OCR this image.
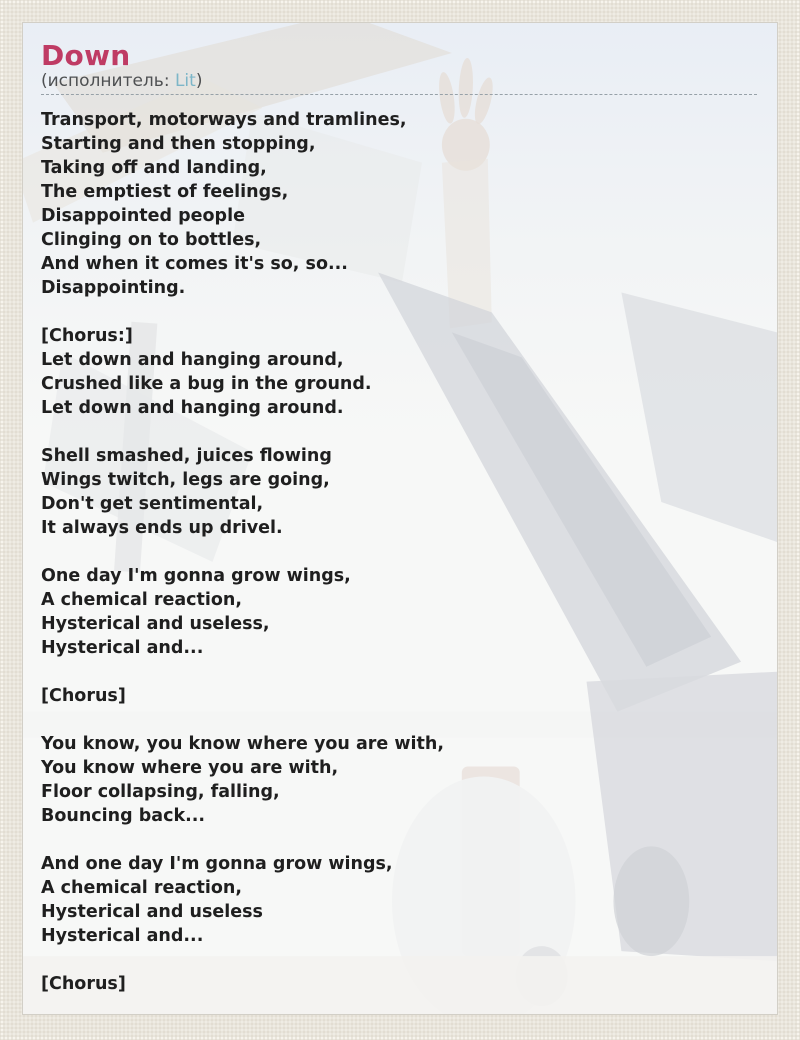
Down
(исполнитель: Lit)
Transport, motorways and tramlines,
Starting and then stopping,
Taking off and landing,
The emptiest of feelings,
Disappointed people
Clinging on to bottles,
And when it comes it's so, so...
Disappointing.

[Chorus:]
Let down and hanging around,
Crushed like a bug in the ground.
Let down and hanging around.

Shell smashed, juices flowing
Wings twitch, legs are going,
Don't get sentimental,
It always ends up drivel.

One day I'm gonna grow wings,
A chemical reaction,
Hysterical and useless,
Hysterical and...

[Chorus]

You know, you know where you are with,
You know where you are with,
Floor collapsing, falling,
Bouncing back...

And one day I'm gonna grow wings,
A chemical reaction,
Hysterical and useless
Hysterical and...

[Chorus]
